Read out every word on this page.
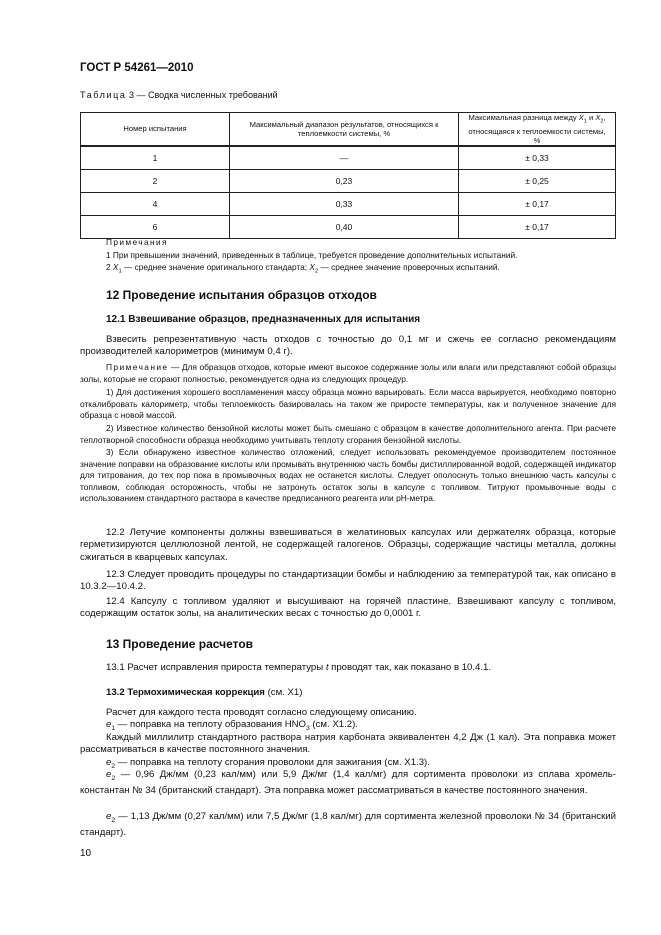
ГОСТ Р 54261—2010
Таблица 3 — Сводка численных требований
Номер испытания	Максимальный диапазон результатов, относящихся к теплоемкости системы, %	Максимальная разница между $X_1$ и $X_2$, относящаяся к теплоемкости системы, %
1	—	± 0,33
2	0,23	± 0,25
4	0,33	± 0,17
6	0,40	± 0,17
Примечания
1 При превышении значений, приведенных в таблице, требуется проведение дополнительных испытаний.
2 $X_1$ — среднее значение оригинального стандарта; $X_2$ — среднее значение проверочных испытаний.
12 Проведение испытания образцов отходов
12.1 Взвешивание образцов, предназначенных для испытания
Взвесить репрезентативную часть отходов с точностью до 0,1 мг и сжечь ее согласно рекомендациям производителей калориметров (минимум 0,4 г).
Примечание — Для образцов отходов, которые имеют высокое содержание золы или влаги или представляют собой образцы золы, которые не сгорают полностью, рекомендуется одна из следующих процедур.
1) Для достижения хорошего воспламенения массу образца можно варьировать. Если масса варьируется, необходимо повторно откалибровать калориметр, чтобы теплоемкость базировалась на таком же приросте температуры, как и полученное значение для образца с новой массой.
2) Известное количество бензойной кислоты может быть смешано с образцом в качестве дополнительного агента. При расчете теплотворной способности образца необходимо учитывать теплоту сгорания бензойной кислоты.
3) Если обнаружено известное количество отложений, следует использовать рекомендуемое производителем постоянное значение поправки на образование кислоты или промывать внутреннюю часть бомбы дистиллированной водой, содержащей индикатор для титрования, до тех пор пока в промывочных водах не останется кислоты. Следует ополоснуть только внешнюю часть капсулы с топливом, соблюдая осторожность, чтобы не затронуть остаток золы в капсуле с топливом. Титруют промывочные воды с использованием стандартного раствора в качестве предписанного реагента или pH-метра.
12.2 Летучие компоненты должны взвешиваться в желатиновых капсулах или держателях образца, которые герметизируются целлюлозной лентой, не содержащей галогенов. Образцы, содержащие частицы металла, должны сжигаться в кварцевых капсулах.
12.3 Следует проводить процедуры по стандартизации бомбы и наблюдению за температурой так, как описано в 10.3.2—10.4.2.
12.4 Капсулу с топливом удаляют и высушивают на горячей пластине. Взвешивают капсулу с топливом, содержащим остаток золы, на аналитических весах с точностью до 0,0001 г.
13 Проведение расчетов
13.1 Расчет исправления прироста температуры t проводят так, как показано в 10.4.1.
13.2 Термохимическая коррекция (см. X1)
Расчет для каждого теста проводят согласно следующему описанию.
$e_1$ — поправка на теплоту образования $HNO_3$ (см. X1.2).
Каждый миллилитр стандартного раствора натрия карбоната эквивалентен 4,2 Дж (1 кал). Эта поправка может рассматриваться в качестве постоянного значения.
$e_2$ — поправка на теплоту сгорания проволоки для зажигания (см. X1.3).
$e_2$ — 0,96 Дж/мм (0,23 кал/мм) или 5,9 Дж/мг (1,4 кал/мг) для сортимента проволоки из сплава хромель-константан № 34 (британский стандарт). Эта поправка может рассматриваться в качестве постоянного значения.
$e_2$ — 1,13 Дж/мм (0,27 кал/мм) или 7,5 Дж/мг (1,8 кал/мг) для сортимента железной проволоки № 34 (британский стандарт).
10
